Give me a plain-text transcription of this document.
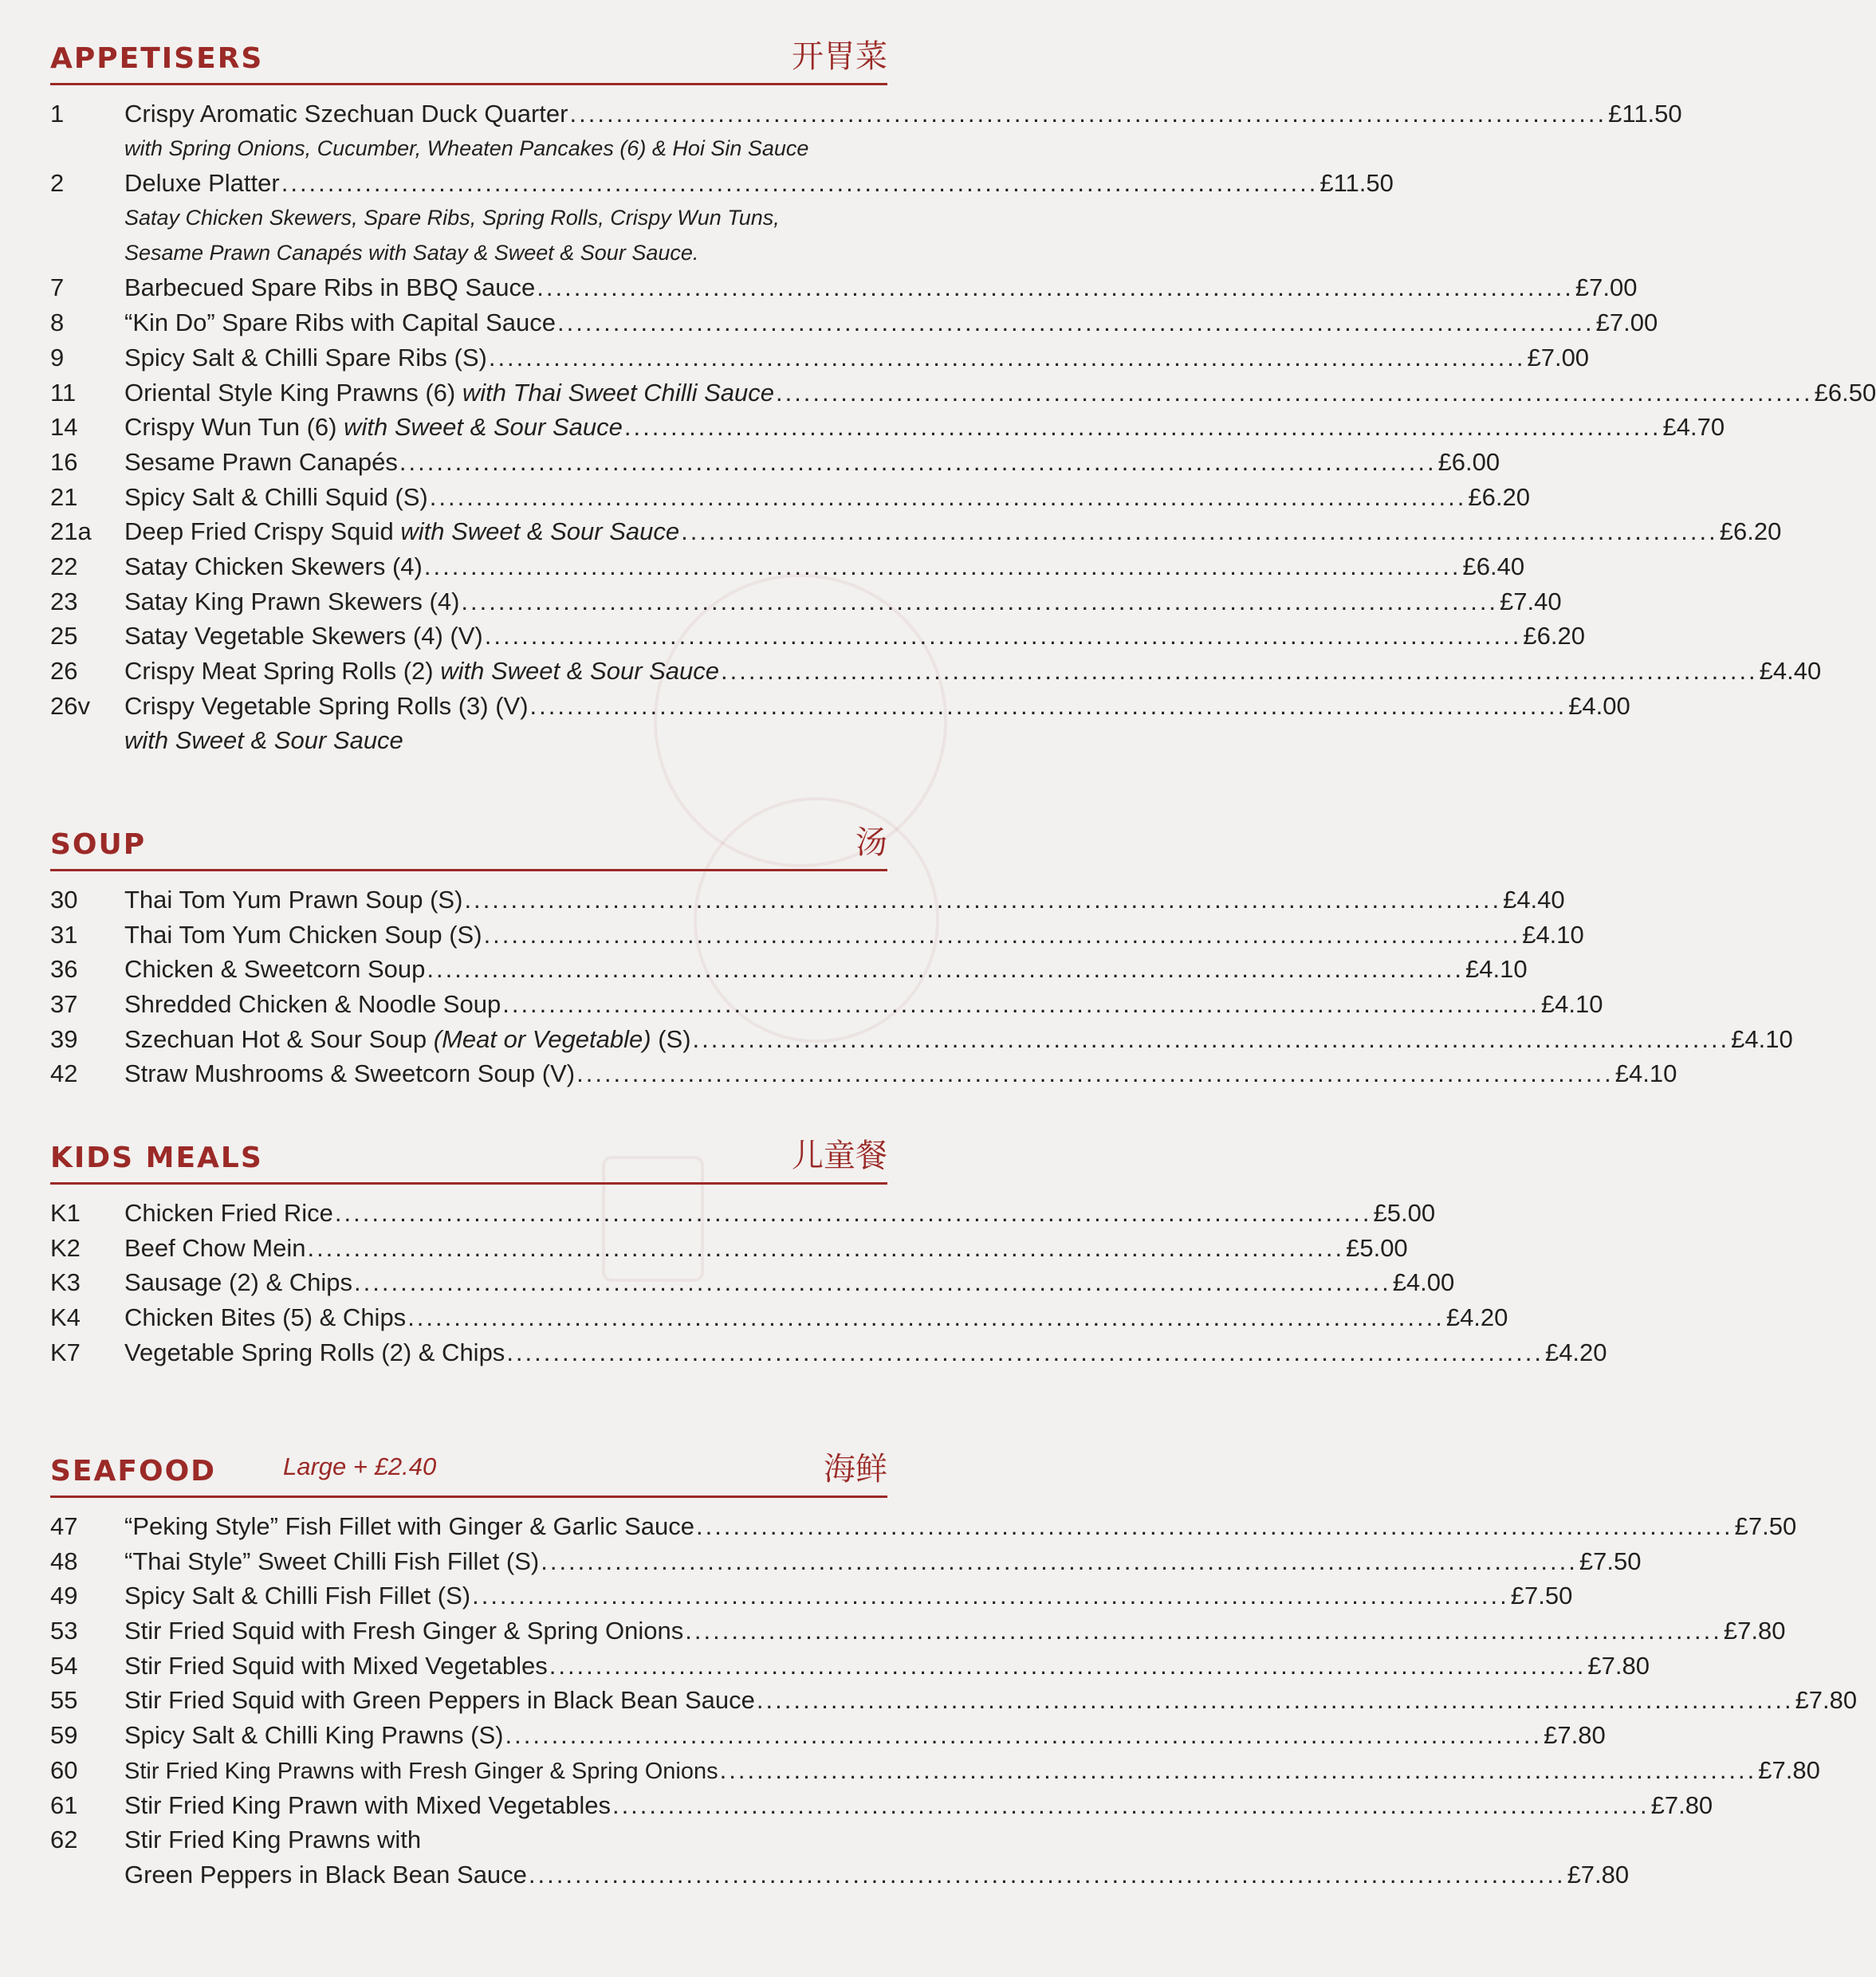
APPETISERS	开胃菜
1	Crispy Aromatic Szechuan Duck Quarter ................................................................................................................ £11.50
with Spring Onions, Cucumber, Wheaten Pancakes (6) & Hoi Sin Sauce
2	Deluxe Platter ................................................................................................................ £11.50
Satay Chicken Skewers, Spare Ribs, Spring Rolls, Crispy Wun Tuns,
Sesame Prawn Canapés with Satay & Sweet & Sour Sauce.
7	Barbecued Spare Ribs in BBQ Sauce ................................................................................................................ £7.00
8	“Kin Do” Spare Ribs with Capital Sauce ................................................................................................................ £7.00
9	Spicy Salt & Chilli Spare Ribs (S) ................................................................................................................ £7.00
11	Oriental Style King Prawns (6) with Thai Sweet Chilli Sauce ................................................................................................................ £6.50
14	Crispy Wun Tun (6) with Sweet & Sour Sauce ................................................................................................................ £4.70
16	Sesame Prawn Canapés ................................................................................................................ £6.00
21	Spicy Salt & Chilli Squid (S) ................................................................................................................ £6.20
21a	Deep Fried Crispy Squid with Sweet & Sour Sauce ................................................................................................................ £6.20
22	Satay Chicken Skewers (4) ................................................................................................................ £6.40
23	Satay King Prawn Skewers (4) ................................................................................................................ £7.40
25	Satay Vegetable Skewers (4) (V) ................................................................................................................ £6.20
26	Crispy Meat Spring Rolls (2) with Sweet & Sour Sauce ................................................................................................................ £4.40
26v	Crispy Vegetable Spring Rolls (3) (V) ................................................................................................................ £4.00
with Sweet & Sour Sauce
SOUP	汤
30	Thai Tom Yum Prawn Soup (S) ................................................................................................................ £4.40
31	Thai Tom Yum Chicken Soup (S) ................................................................................................................ £4.10
36	Chicken & Sweetcorn Soup ................................................................................................................ £4.10
37	Shredded Chicken & Noodle Soup ................................................................................................................ £4.10
39	Szechuan Hot & Sour Soup (Meat or Vegetable) (S) ................................................................................................................ £4.10
42	Straw Mushrooms & Sweetcorn Soup (V) ................................................................................................................ £4.10
KIDS MEALS	儿童餐
K1	Chicken Fried Rice ................................................................................................................ £5.00
K2	Beef Chow Mein ................................................................................................................ £5.00
K3	Sausage (2) & Chips ................................................................................................................ £4.00
K4	Chicken Bites (5) & Chips ................................................................................................................ £4.20
K7	Vegetable Spring Rolls (2) & Chips ................................................................................................................ £4.20
SEAFOOD	Large + £2.40	海鲜
47	“Peking Style” Fish Fillet with Ginger & Garlic Sauce ................................................................................................................ £7.50
48	“Thai Style” Sweet Chilli Fish Fillet (S) ................................................................................................................ £7.50
49	Spicy Salt & Chilli Fish Fillet (S) ................................................................................................................ £7.50
53	Stir Fried Squid with Fresh Ginger & Spring Onions ................................................................................................................ £7.80
54	Stir Fried Squid with Mixed Vegetables ................................................................................................................ £7.80
55	Stir Fried Squid with Green Peppers in Black Bean Sauce ................................................................................................................ £7.80
59	Spicy Salt & Chilli King Prawns (S) ................................................................................................................ £7.80
60	Stir Fried King Prawns with Fresh Ginger & Spring Onions ................................................................................................................ £7.80
61	Stir Fried King Prawn with Mixed Vegetables ................................................................................................................ £7.80
62	Stir Fried King Prawns with
Green Peppers in Black Bean Sauce ................................................................................................................ £7.80
